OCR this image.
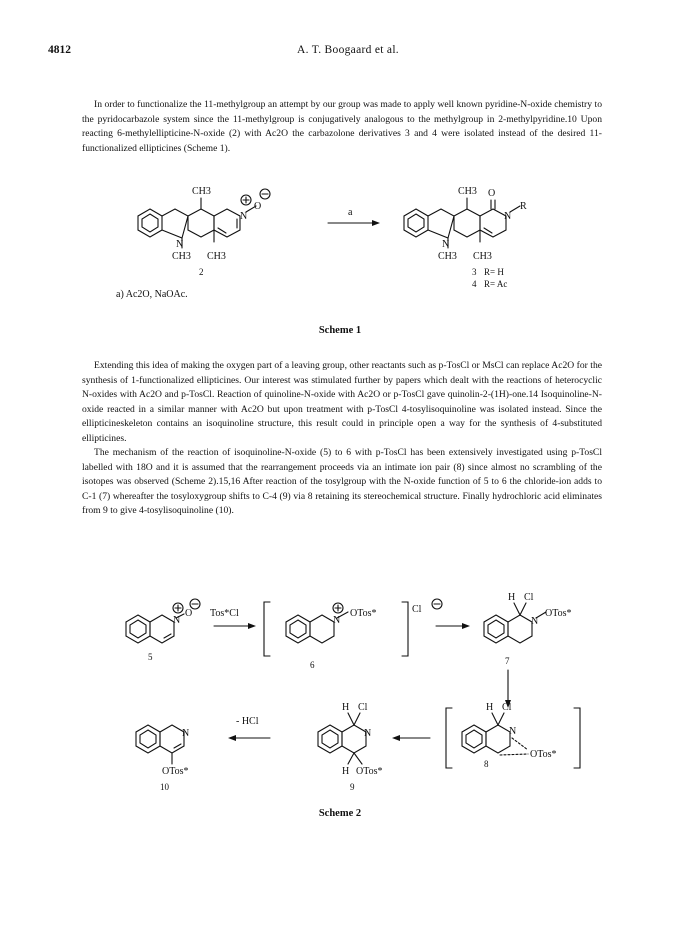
4812	A. T. Boogaard et al.

In order to functionalize the 11-methylgroup an attempt by our group was made to apply well known pyridine-N-oxide chemistry to the pyridocarbazole system since the 11-methylgroup is conjugatively analogous to the methylgroup in 2-methylpyridine.10 Upon reacting 6-methylellipticine-N-oxide (2) with Ac2O the carbazolone derivatives 3 and 4 were isolated instead of the desired 11-functionalized ellipticines (Scheme 1).

CH3
N
O
N
CH3 CH3
2
a
CH3 O
N
R
N
CH3 CH3
3 R= H
4 R= Ac
a) Ac2O, NaOAc.
Scheme 1

Extending this idea of making the oxygen part of a leaving group, other reactants such as p-TosCl or MsCl can replace Ac2O for the synthesis of 1-functionalized ellipticines. Our interest was stimulated further by papers which dealt with the reactions of heterocyclic N-oxides with Ac2O and p-TosCl. Reaction of quinoline-N-oxide with Ac2O or p-TosCl gave quinolin-2-(1H)-one.14 Isoquinoline-N-oxide reacted in a similar manner with Ac2O but upon treatment with p-TosCl 4-tosylisoquinoline was isolated instead. Since the ellipticineskeleton contains an isoquinoline structure, this result could in principle open a way for the synthesis of 4-substituted ellipticines.

The mechanism of the reaction of isoquinoline-N-oxide (5) to 6 with p-TosCl has been extensively investigated using p-TosCl labelled with 18O and it is assumed that the rearrangement proceeds via an intimate ion pair (8) since almost no scrambling of the isotopes was observed (Scheme 2).15,16 After reaction of the tosylgroup with the N-oxide function of 5 to 6 the chloride-ion adds to C-1 (7) whereafter the tosyloxygroup shifts to C-4 (9) via 8 retaining its stereochemical structure. Finally hydrochloric acid eliminates from 9 to give 4-tosylisoquinoline (10).

N
O
5
Tos*Cl
N
OTos*
6
Cl
H Cl
N
OTos*
7
H Cl
N
OTos*
8
H Cl
N
H OTos*
9
- HCl
N
OTos*
10
Scheme 2
